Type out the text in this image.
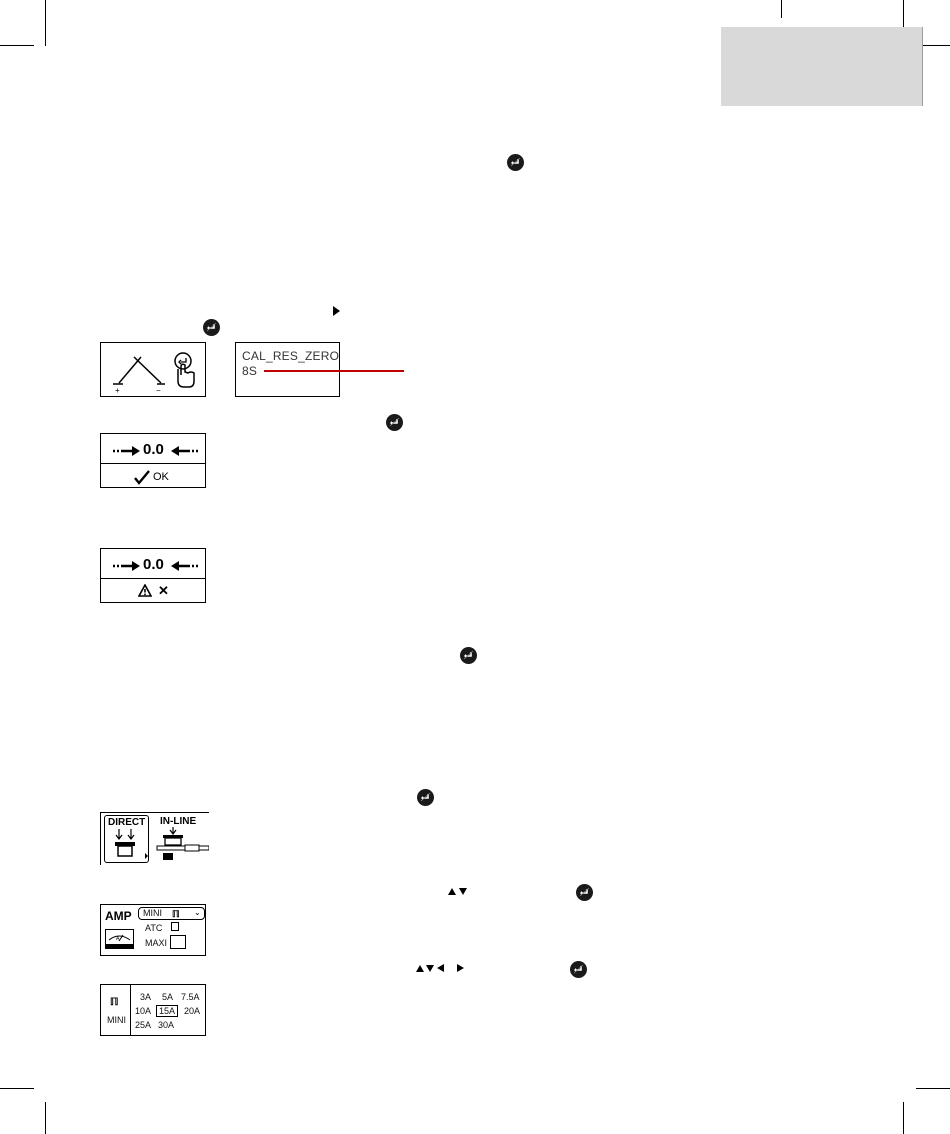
+	−
CAL_RES_ZERO
8S
0.0
OK
0.0
✕
DIRECT IN-LINE
AMP
A
MINI ℿ ⌄
ATC
MAXI
ℿ
MINI
3A 5A 7.5A
10A 15A 20A
25A 30A
